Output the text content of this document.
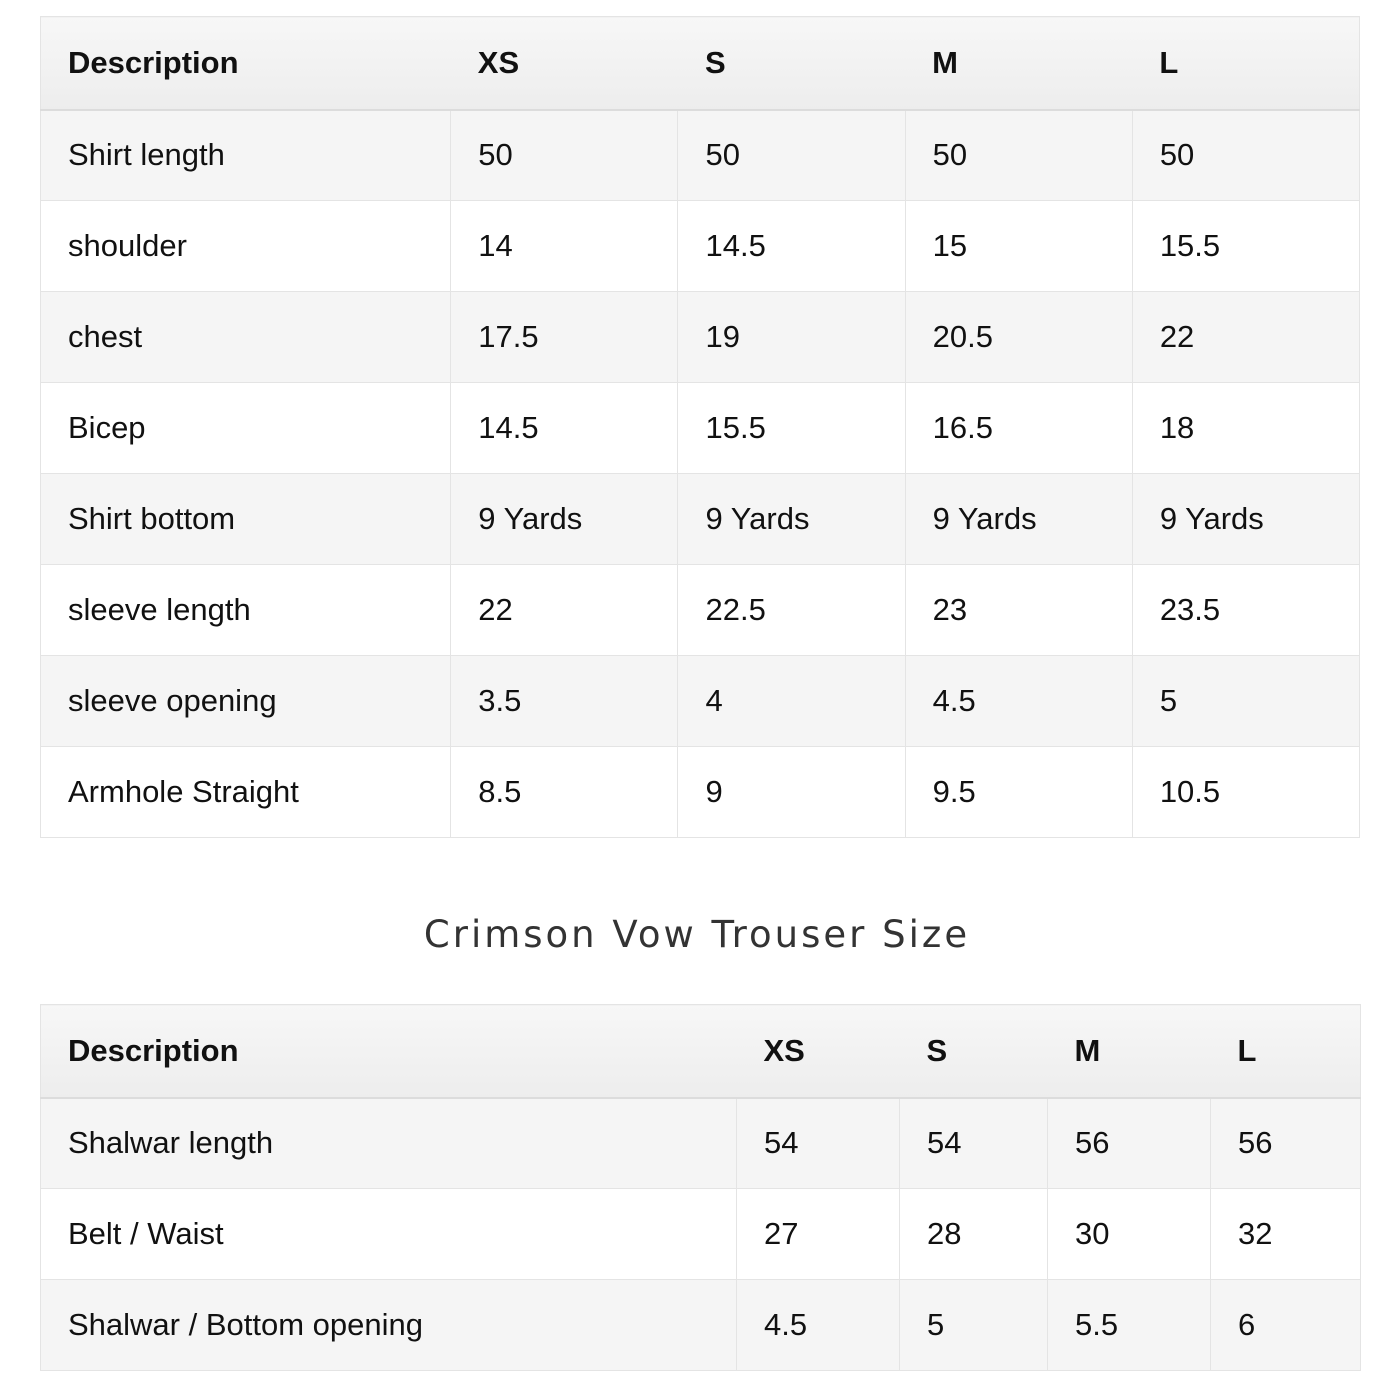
Description	XS	S	M	L
Shirt length	50	50	50	50
shoulder	14	14.5	15	15.5
chest	17.5	19	20.5	22
Bicep	14.5	15.5	16.5	18
Shirt bottom	9 Yards	9 Yards	9 Yards	9 Yards
sleeve length	22	22.5	23	23.5
sleeve opening	3.5	4	4.5	5
Armhole Straight	8.5	9	9.5	10.5
Crimson Vow Trouser Size
Description	XS	S	M	L
Shalwar length	54	54	56	56
Belt / Waist	27	28	30	32
Shalwar / Bottom opening	4.5	5	5.5	6
